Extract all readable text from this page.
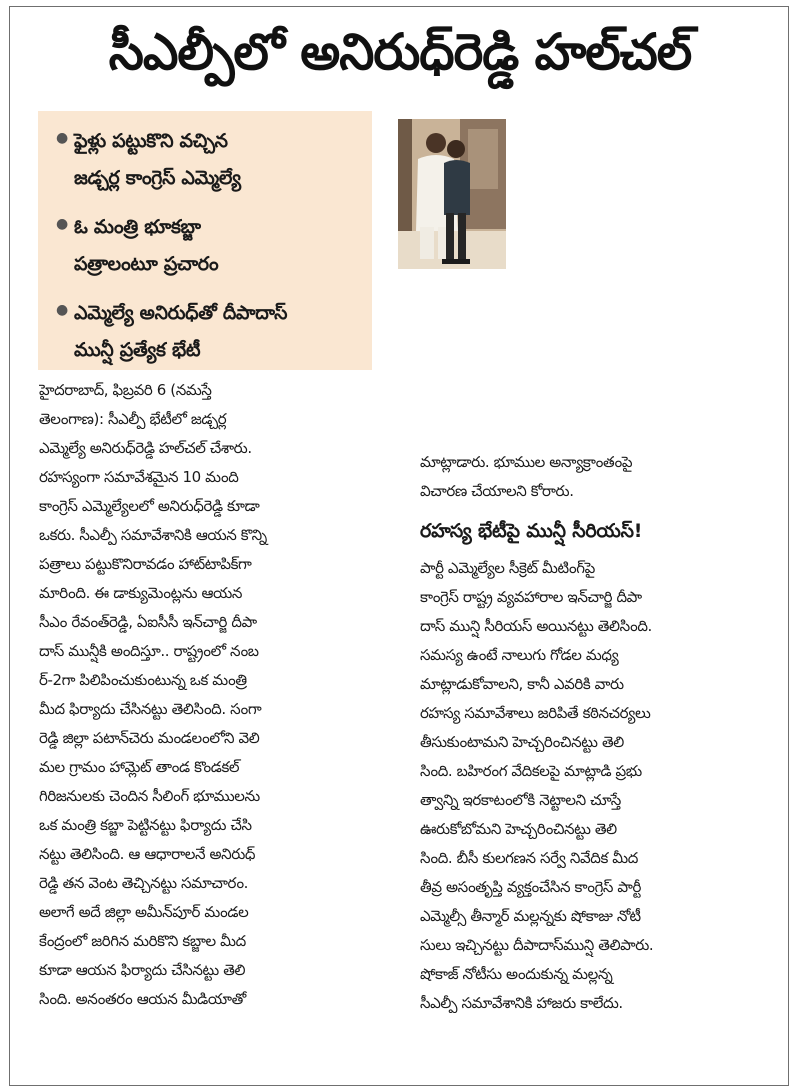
సీఎల్పీలో అనిరుధ్‌రెడ్డి హల్‌చల్‌
● ఫైళ్లు పట్టుకొని వచ్చిన
జడ్చర్ల కాంగ్రెస్‌ ఎమ్మెల్యే
● ఓ మంత్రి భూకబ్జా
పత్రాలంటూ ప్రచారం
● ఎమ్మెల్యే అనిరుధ్‌తో దీపాదాస్‌
మున్షీ ప్రత్యేక భేటీ
హైదరాబాద్‌, ఫిబ్రవరి 6 (నమస్తే
తెలంగాణ): సీఎల్పీ భేటీలో జడ్చర్ల
ఎమ్మెల్యే అనిరుధ్‌రెడ్డి హల్‌చల్‌ చేశారు.
రహస్యంగా సమావేశమైన 10 మంది
కాంగ్రెస్‌ ఎమ్మెల్యేలలో అనిరుధ్‌రెడ్డి కూడా
ఒకరు. సీఎల్పీ సమావేశానికి ఆయన కొన్ని
పత్రాలు పట్టుకొనిరావడం హాట్‌టాపిక్‌గా
మారింది. ఈ డాక్యుమెంట్లను ఆయన
సీఎం రేవంత్‌రెడ్డి, ఏఐసీసీ ఇన్‌చార్జి దీపా
దాస్‌ మున్షీకి అందిస్తూ.. రాష్ట్రంలో నంబ
ర్‌-2గా పిలిపించుకుంటున్న ఒక మంత్రి
మీద ఫిర్యాదు చేసినట్టు తెలిసింది. సంగా
రెడ్డి జిల్లా పటాన్‌చెరు మండలంలోని వెలి
మల గ్రామం హామ్లెట్‌ తాండ కొండకల్‌
గిరిజనులకు చెందిన సీలింగ్‌ భూములను
ఒక మంత్రి కబ్జా పెట్టినట్టు ఫిర్యాదు చేసి
నట్టు తెలిసింది. ఆ ఆధారాలనే అనిరుధ్‌
రెడ్డి తన వెంట తెచ్చినట్టు సమాచారం.
అలాగే అదే జిల్లా అమీన్‌పూర్‌ మండల
కేంద్రంలో జరిగిన మరికొని కబ్జాల మీద
కూడా ఆయన ఫిర్యాదు చేసినట్టు తెలి
సింది. అనంతరం ఆయన మీడియాతో
మాట్లాడారు. భూముల అన్యాక్రాంతంపై
విచారణ చేయాలని కోరారు.
రహస్య భేటీపై మున్షీ సీరియస్‌!
పార్టీ ఎమ్మెల్యేల సీక్రెట్‌ మీటింగ్‌పై
కాంగ్రెస్‌ రాష్ట్ర వ్యవహారాల ఇన్‌చార్జి దీపా
దాస్‌ మున్షి సీరియస్‌ అయినట్టు తెలిసింది.
సమస్య ఉంటే నాలుగు గోడల మధ్య
మాట్లాడుకోవాలని, కానీ ఎవరికి వారు
రహస్య సమావేశాలు జరిపితే కఠినచర్యలు
తీసుకుంటామని హెచ్చరించినట్టు తెలి
సింది. బహిరంగ వేదికలపై మాట్లాడి ప్రభు
త్వాన్ని ఇరకాటంలోకి నెట్టాలని చూస్తే
ఊరుకోబోమని హెచ్చరించినట్టు తెలి
సింది. బీసీ కులగణన సర్వే నివేదిక మీద
తీవ్ర అసంతృప్తి వ్యక్తంచేసిన కాంగ్రెస్‌ పార్టీ
ఎమ్మెల్సీ తీన్మార్‌ మల్లన్నకు షోకాజు నోటీ
సులు ఇచ్చినట్టు దీపాదాస్‌మున్షి తెలిపారు.
షోకాజ్‌ నోటీసు అందుకున్న మల్లన్న
సీఎల్పీ సమావేశానికి హాజరు కాలేదు.
